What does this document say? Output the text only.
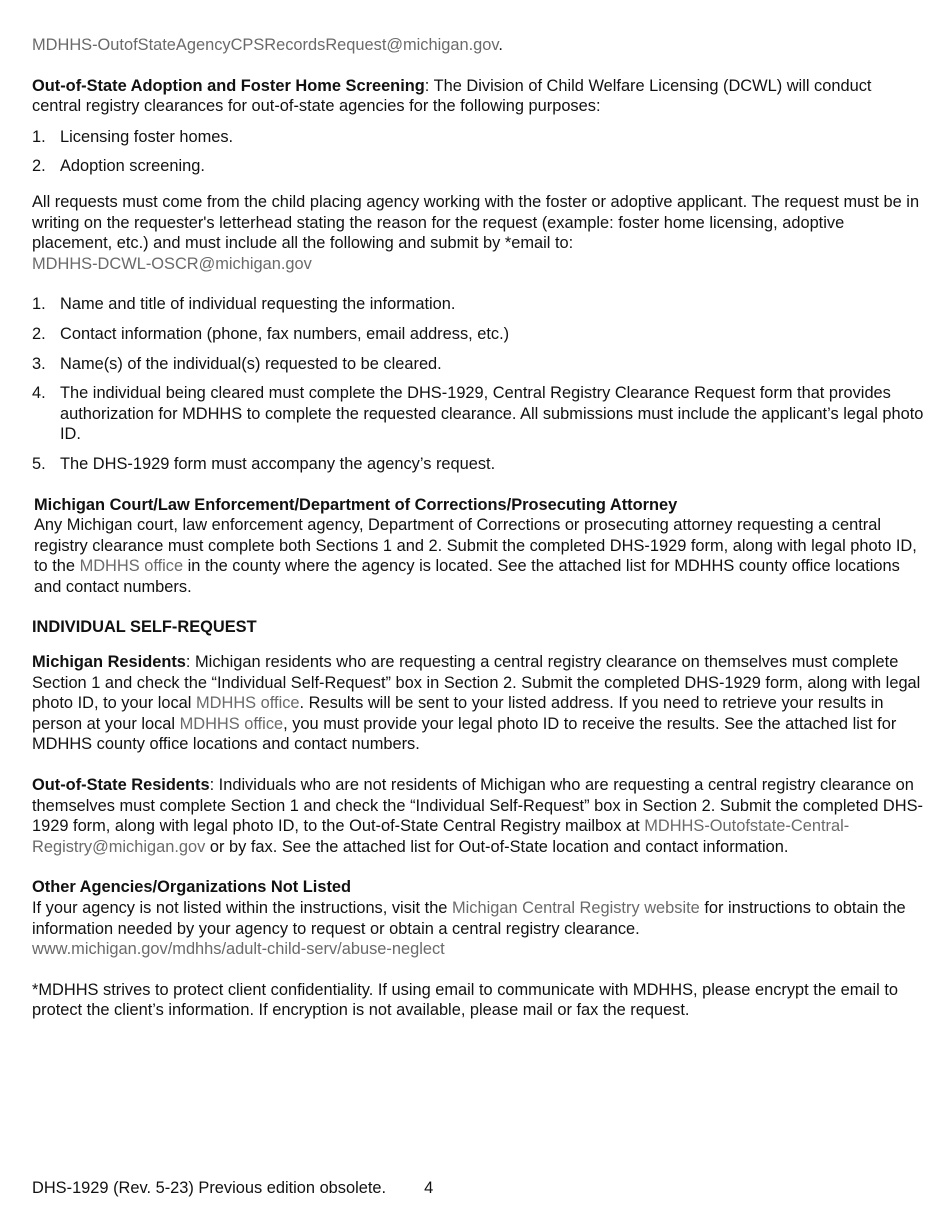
MDHHS-OutofStateAgencyCPSRecordsRequest@michigan.gov.

Out-of-State Adoption and Foster Home Screening: The Division of Child Welfare Licensing (DCWL) will conduct central registry clearances for out-of-state agencies for the following purposes:

1. Licensing foster homes.
2. Adoption screening.

All requests must come from the child placing agency working with the foster or adoptive applicant. The request must be in writing on the requester's letterhead stating the reason for the request (example: foster home licensing, adoptive placement, etc.) and must include all the following and submit by *email to:
MDHHS-DCWL-OSCR@michigan.gov

1. Name and title of individual requesting the information.
2. Contact information (phone, fax numbers, email address, etc.)
3. Name(s) of the individual(s) requested to be cleared.
4. The individual being cleared must complete the DHS-1929, Central Registry Clearance Request form that provides authorization for MDHHS to complete the requested clearance. All submissions must include the applicant’s legal photo ID.
5. The DHS-1929 form must accompany the agency’s request.

Michigan Court/Law Enforcement/Department of Corrections/Prosecuting Attorney

Any Michigan court, law enforcement agency, Department of Corrections or prosecuting attorney requesting a central registry clearance must complete both Sections 1 and 2. Submit the completed DHS-1929 form, along with legal photo ID, to the MDHHS office in the county where the agency is located. See the attached list for MDHHS county office locations and contact numbers.

INDIVIDUAL SELF-REQUEST

Michigan Residents: Michigan residents who are requesting a central registry clearance on themselves must complete Section 1 and check the “Individual Self-Request” box in Section 2. Submit the completed DHS-1929 form, along with legal photo ID, to your local MDHHS office. Results will be sent to your listed address. If you need to retrieve your results in person at your local MDHHS office, you must provide your legal photo ID to receive the results. See the attached list for MDHHS county office locations and contact numbers.

Out-of-State Residents: Individuals who are not residents of Michigan who are requesting a central registry clearance on themselves must complete Section 1 and check the “Individual Self-Request” box in Section 2. Submit the completed DHS-1929 form, along with legal photo ID, to the Out-of-State Central Registry mailbox at MDHHS-Outofstate-Central-Registry@michigan.gov or by fax. See the attached list for Out-of-State location and contact information.

Other Agencies/Organizations Not Listed

If your agency is not listed within the instructions, visit the Michigan Central Registry website for instructions to obtain the information needed by your agency to request or obtain a central registry clearance.
www.michigan.gov/mdhhs/adult-child-serv/abuse-neglect

*MDHHS strives to protect client confidentiality. If using email to communicate with MDHHS, please encrypt the email to protect the client’s information. If encryption is not available, please mail or fax the request.

DHS-1929 (Rev. 5-23) Previous edition obsolete. 4
